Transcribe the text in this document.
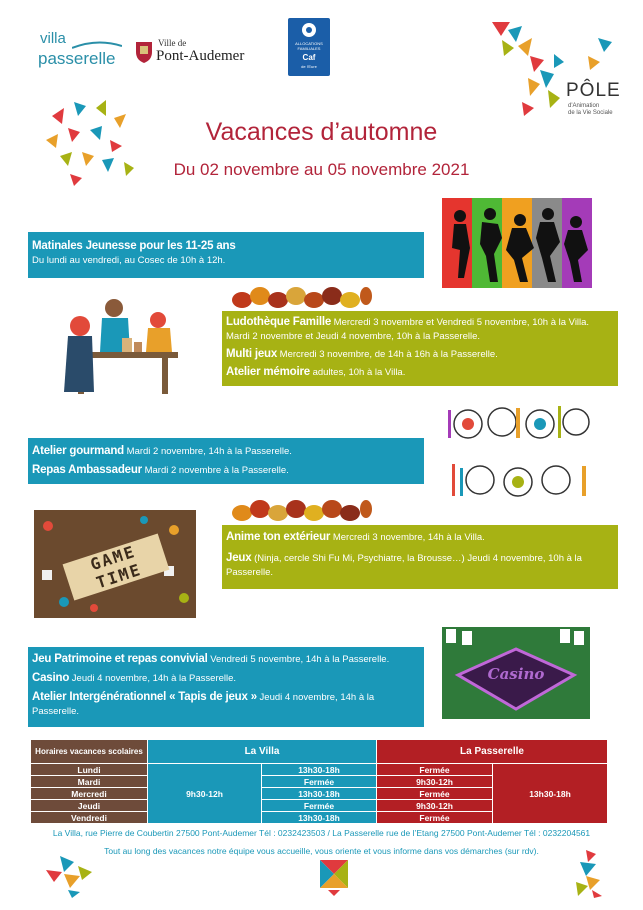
villa
passerelle
Ville de
Pont-Audemer
ALLOCATIONS
FAMILIALES
Caf
de l'Eure
PÔLE
d'Animation
de la Vie Sociale
Vacances d’automne
Du 02 novembre au 05 novembre 2021

Matinales Jeunesse pour les 11-25 ans

Du lundi au vendredi, au Cosec de 10h à 12h.

Ludothèque Famille Mercredi 3 novembre et Vendredi 5 novembre, 10h à la Villa. Mardi 2 novembre et Jeudi 4 novembre, 10h à la Passerelle.

Multi jeux Mercredi 3 novembre, de 14h à 16h à la Passerelle.

Atelier mémoire adultes, 10h à la Villa.

Atelier gourmand Mardi 2 novembre, 14h à la Passerelle.

Repas Ambassadeur Mardi 2 novembre à la Passerelle.

GAME TIME

Anime ton extérieur Mercredi 3 novembre, 14h à la Villa.

Jeux (Ninja, cercle Shi Fu Mi, Psychiatre, la Brousse…) Jeudi 4 novembre, 10h à la Passerelle.

Casino

Jeu Patrimoine et repas convivial Vendredi 5 novembre, 14h à la Passerelle.

Casino Jeudi 4 novembre, 14h à la Passerelle.

Atelier Intergénérationnel « Tapis de jeux » Jeudi 4 novembre, 14h à la Passerelle.

Horaires vacances scolaires	La Villa		La Passerelle	
Lundi	9h30-12h	13h30-18h	Fermée	13h30-18h
Mardi		Fermée	9h30-12h	
Mercredi		13h30-18h	Fermée	
Jeudi		Fermée	9h30-12h	
Vendredi		13h30-18h	Fermée	
La Villa, rue Pierre de Coubertin 27500 Pont-Audemer Tél : 0232423503 / La Passerelle rue de l’Etang 27500 Pont-Audemer Tél : 0232204561
Tout au long des vacances notre équipe vous accueille, vous oriente et vous informe dans vos démarches (sur rdv).
